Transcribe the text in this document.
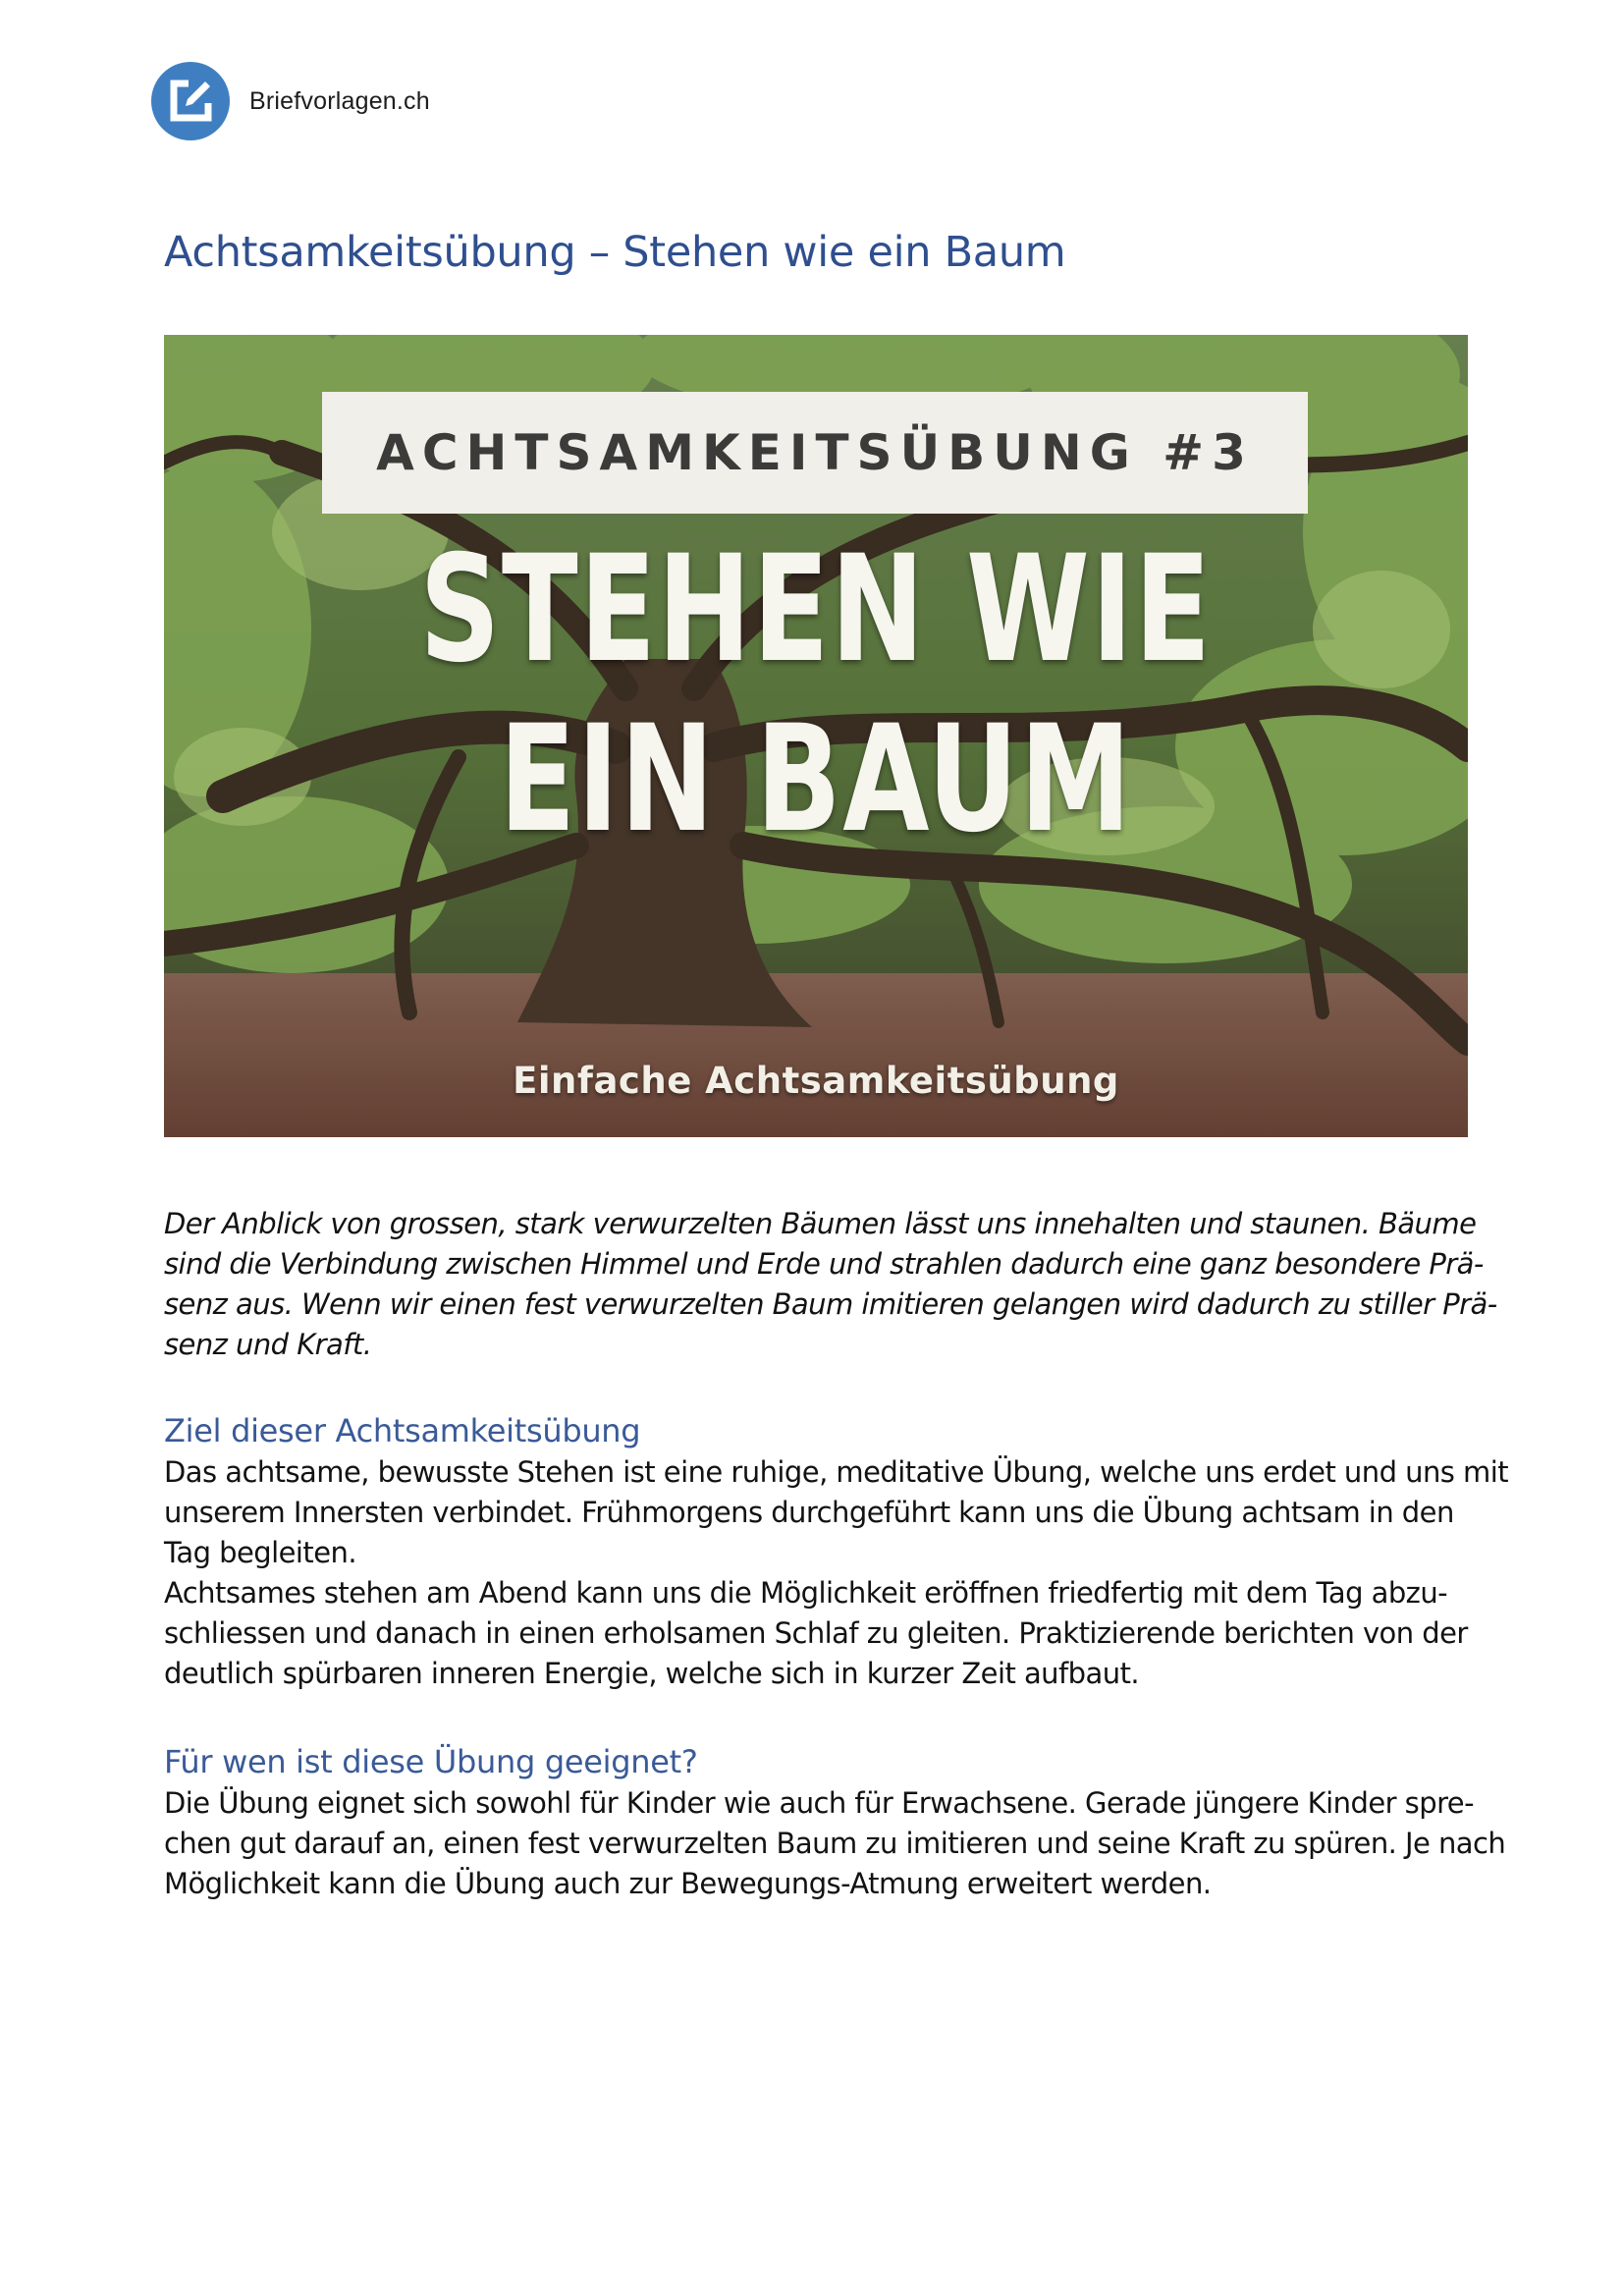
Briefvorlagen.ch
Achtsamkeitsübung – Stehen wie ein Baum
ACHTSAMKEITSÜBUNG #3
STEHEN WIE
EIN BAUM
Einfache Achtsamkeitsübung

Der Anblick von grossen, stark verwurzelten Bäumen lässt uns innehalten und staunen. Bäume
sind die Verbindung zwischen Himmel und Erde und strahlen dadurch eine ganz besondere Prä-
senz aus. Wenn wir einen fest verwurzelten Baum imitieren gelangen wird dadurch zu stiller Prä-
senz und Kraft.

Ziel dieser Achtsamkeitsübung

Das achtsame, bewusste Stehen ist eine ruhige, meditative Übung, welche uns erdet und uns mit
unserem Innersten verbindet. Frühmorgens durchgeführt kann uns die Übung achtsam in den
Tag begleiten.
Achtsames stehen am Abend kann uns die Möglichkeit eröffnen friedfertig mit dem Tag abzu-
schliessen und danach in einen erholsamen Schlaf zu gleiten. Praktizierende berichten von der
deutlich spürbaren inneren Energie, welche sich in kurzer Zeit aufbaut.

Für wen ist diese Übung geeignet?

Die Übung eignet sich sowohl für Kinder wie auch für Erwachsene. Gerade jüngere Kinder spre-
chen gut darauf an, einen fest verwurzelten Baum zu imitieren und seine Kraft zu spüren. Je nach
Möglichkeit kann die Übung auch zur Bewegungs-Atmung erweitert werden.
